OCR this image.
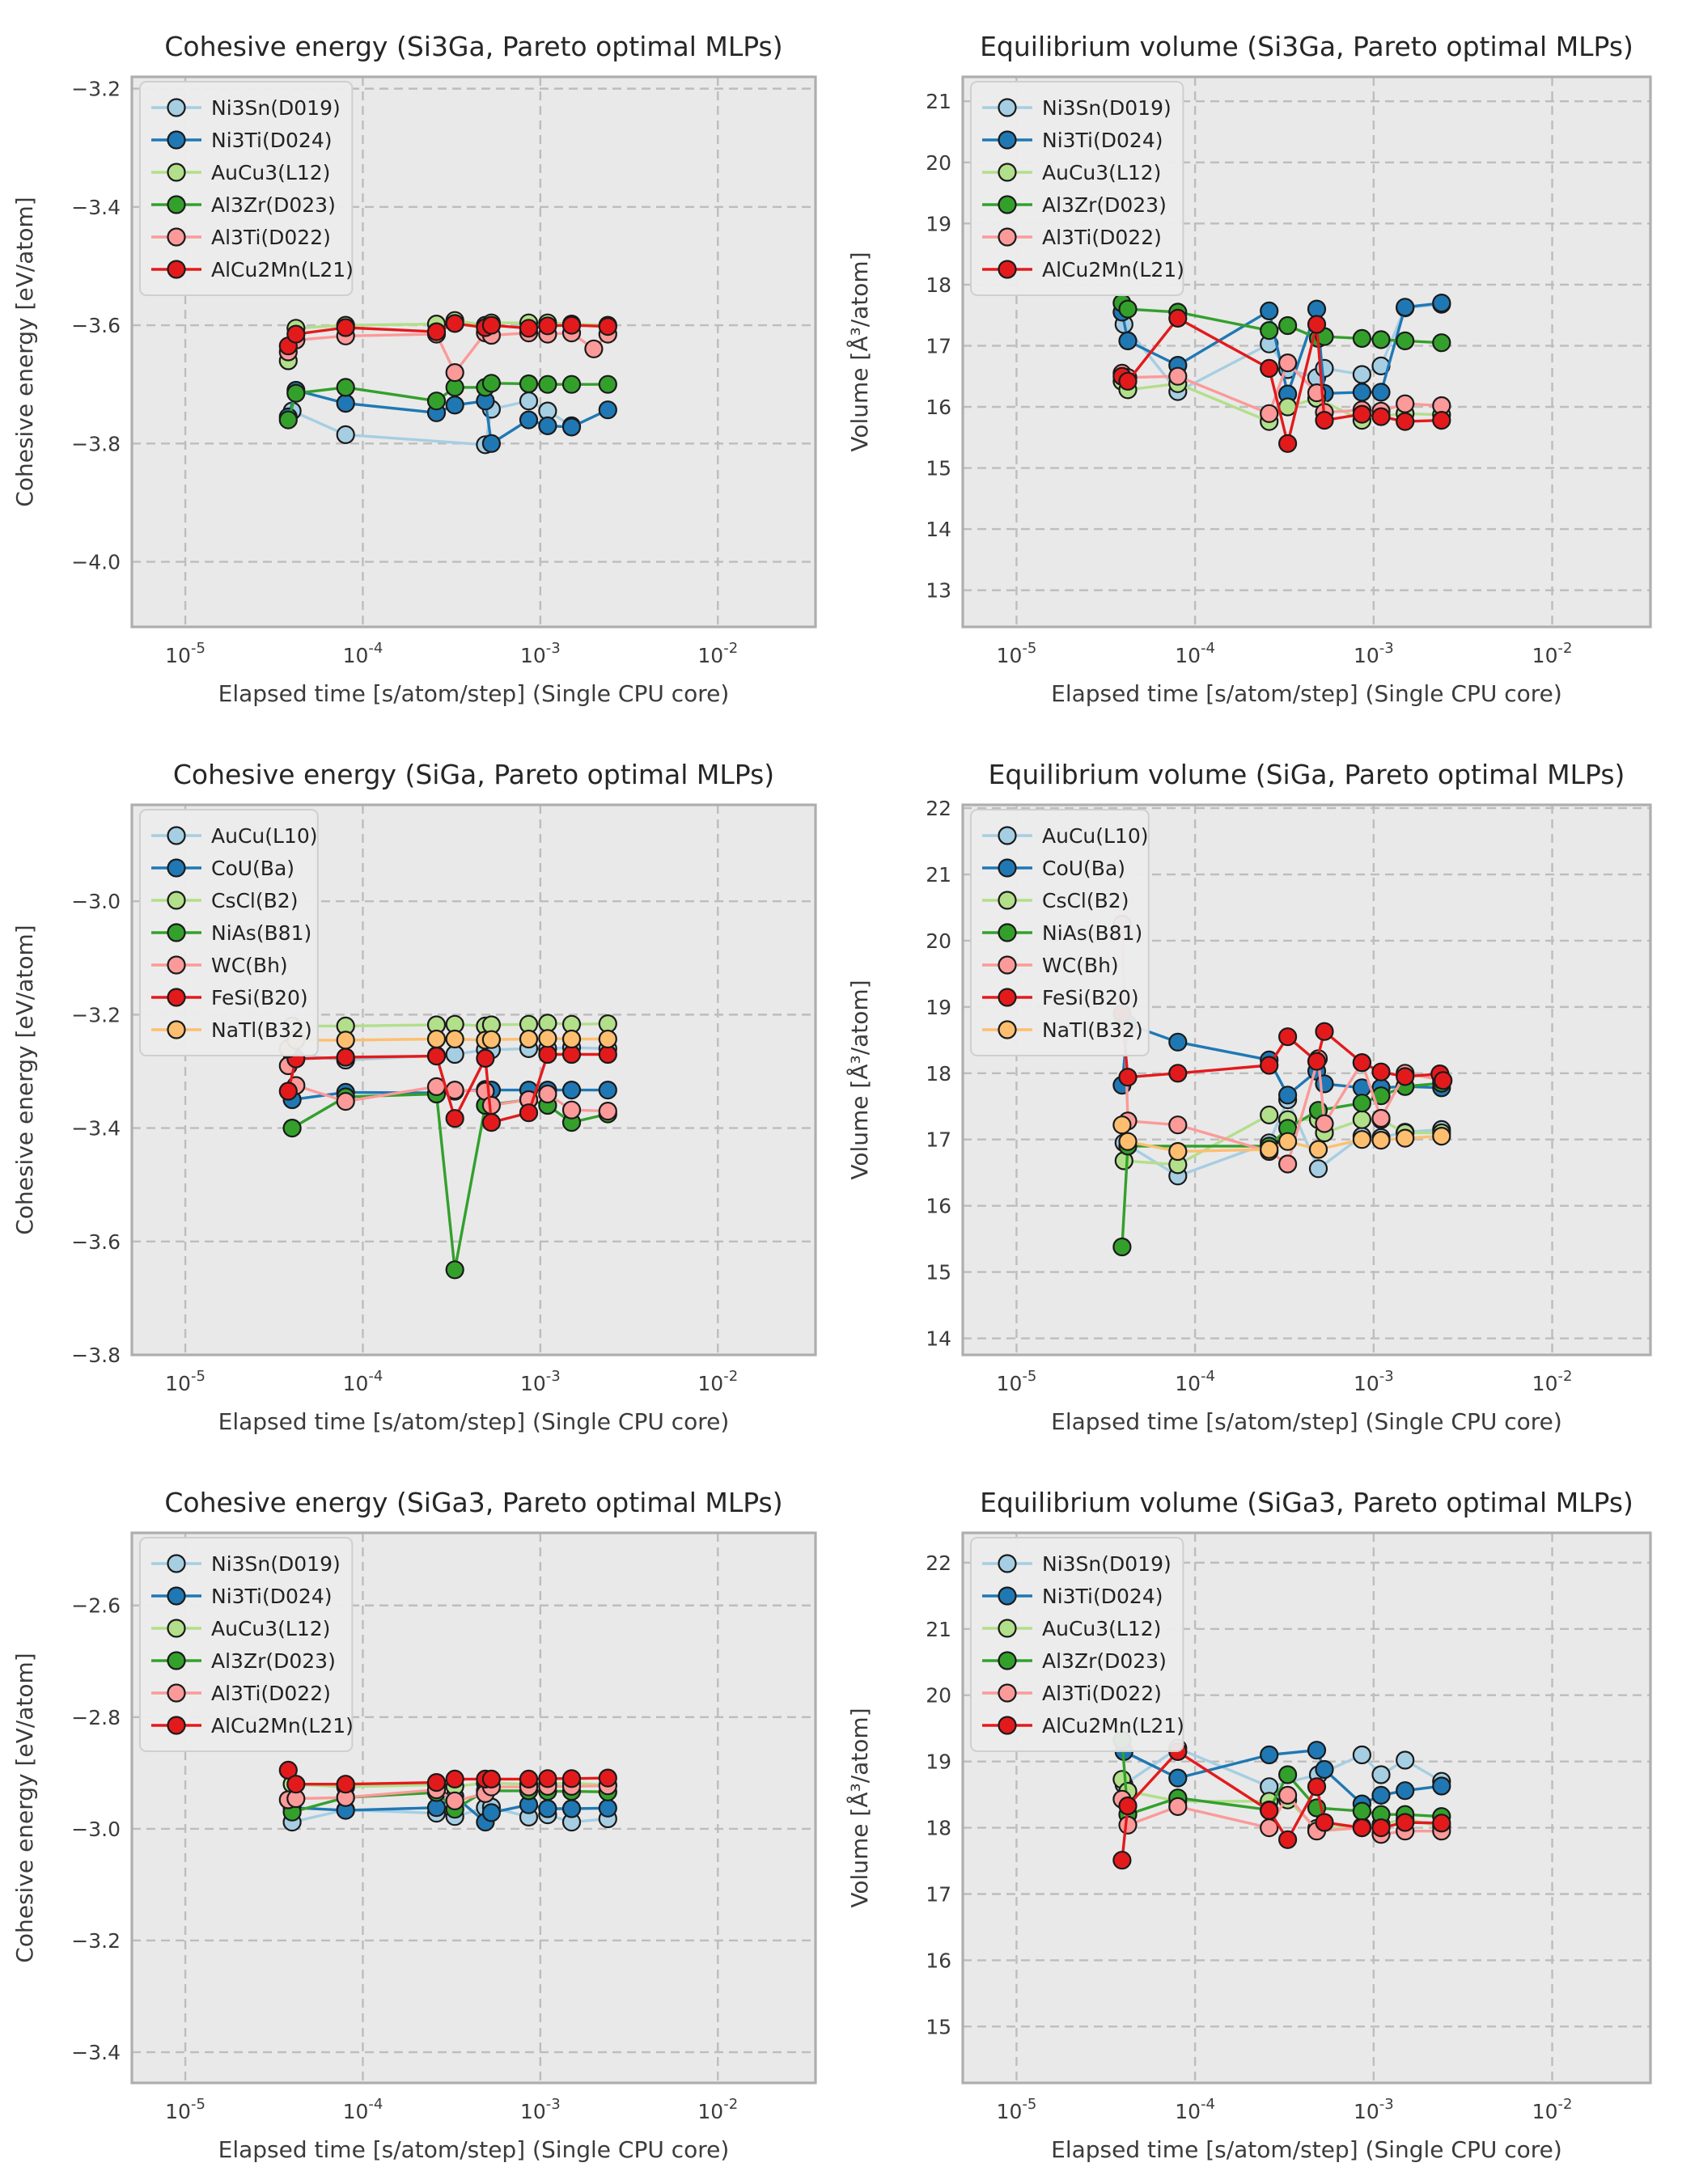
Ni3Sn(D019)
Ni3Ti(D024)
AuCu3(L12)
Al3Zr(D023)
Al3Ti(D022)
AlCu2Mn(L21)
Cohesive energy (Si3Ga, Pareto optimal MLPs)
−3.2
−3.4
−3.6
−3.8
−4.0
$10^{-5}$	$10^{-4}$	$10^{-3}$	$10^{-2}$
Elapsed time [s/atom/step] (Single CPU core)
Cohesive energy [eV/atom]
Ni3Sn(D019)
Ni3Ti(D024)
AuCu3(L12)
Al3Zr(D023)
Al3Ti(D022)
AlCu2Mn(L21)
Equilibrium volume (Si3Ga, Pareto optimal MLPs)
21
20
19
18
17
16
15
14
13
$10^{-5}$	$10^{-4}$	$10^{-3}$	$10^{-2}$
Elapsed time [s/atom/step] (Single CPU core)
Volume [Å³/atom]
AuCu(L10)
CoU(Ba)
CsCl(B2)
NiAs(B81)
WC(Bh)
FeSi(B20)
NaTl(B32)
Cohesive energy (SiGa, Pareto optimal MLPs)
−3.0
−3.2
−3.4
−3.6
−3.8
$10^{-5}$	$10^{-4}$	$10^{-3}$	$10^{-2}$
Elapsed time [s/atom/step] (Single CPU core)
Cohesive energy [eV/atom]
AuCu(L10)
CoU(Ba)
CsCl(B2)
NiAs(B81)
WC(Bh)
FeSi(B20)
NaTl(B32)
Equilibrium volume (SiGa, Pareto optimal MLPs)
22
21
20
19
18
17
16
15
14
$10^{-5}$	$10^{-4}$	$10^{-3}$	$10^{-2}$
Elapsed time [s/atom/step] (Single CPU core)
Volume [Å³/atom]
Ni3Sn(D019)
Ni3Ti(D024)
AuCu3(L12)
Al3Zr(D023)
Al3Ti(D022)
AlCu2Mn(L21)
Cohesive energy (SiGa3, Pareto optimal MLPs)
−2.6
−2.8
−3.0
−3.2
−3.4
$10^{-5}$	$10^{-4}$	$10^{-3}$	$10^{-2}$
Elapsed time [s/atom/step] (Single CPU core)
Cohesive energy [eV/atom]
Ni3Sn(D019)
Ni3Ti(D024)
AuCu3(L12)
Al3Zr(D023)
Al3Ti(D022)
AlCu2Mn(L21)
Equilibrium volume (SiGa3, Pareto optimal MLPs)
22
21
20
19
18
17
16
15
$10^{-5}$	$10^{-4}$	$10^{-3}$	$10^{-2}$
Elapsed time [s/atom/step] (Single CPU core)
Volume [Å³/atom]
